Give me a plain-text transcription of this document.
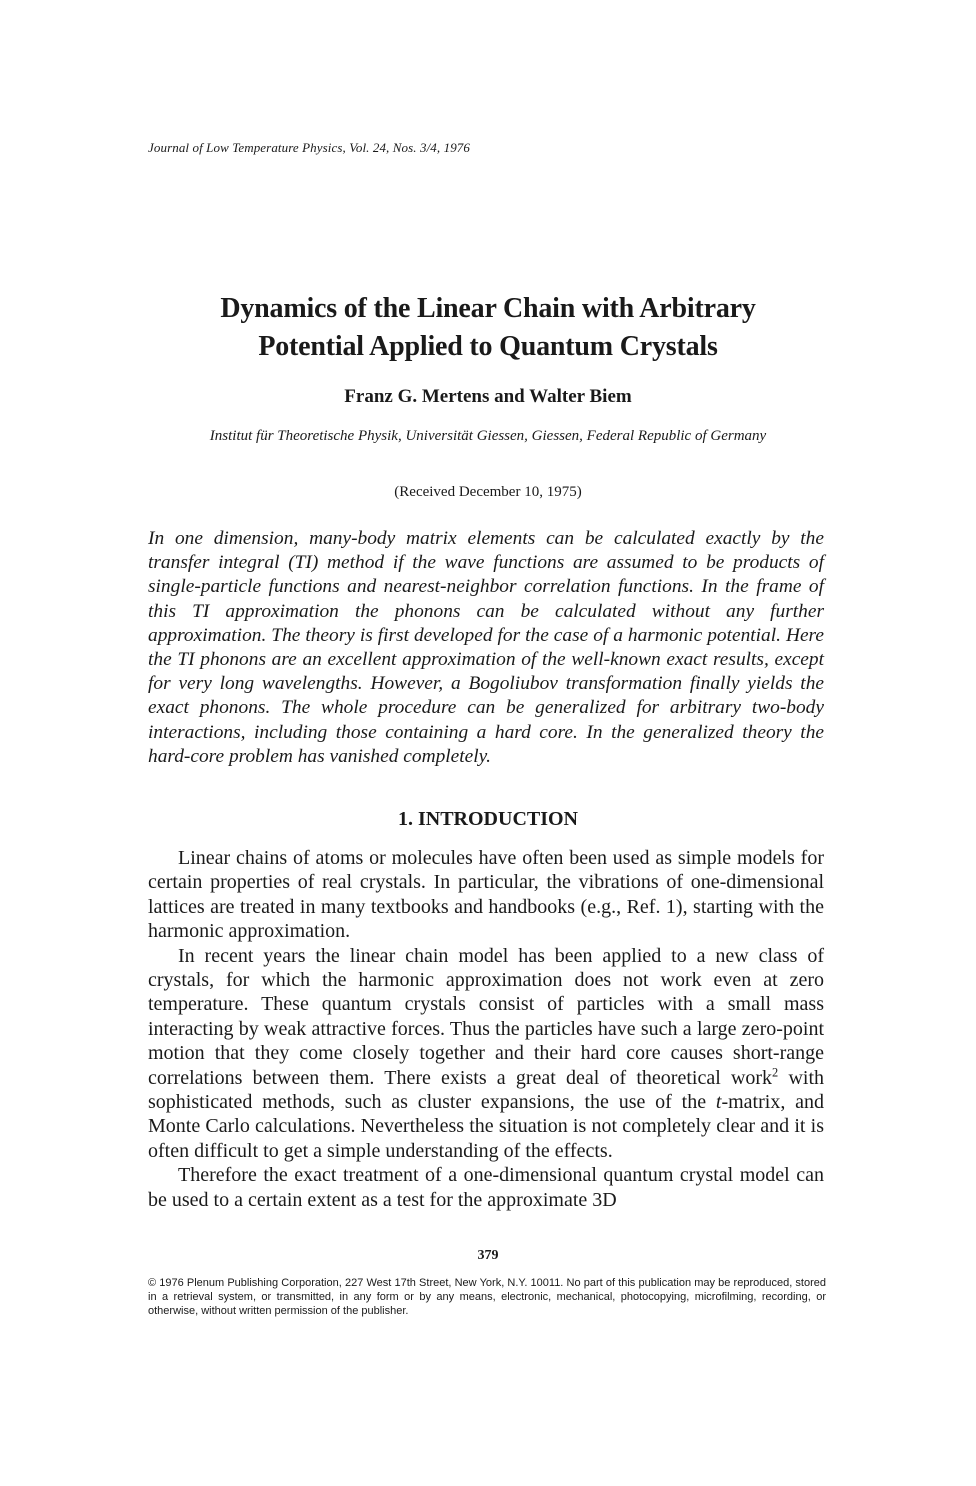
Journal of Low Temperature Physics, Vol. 24, Nos. 3/4, 1976
Dynamics of the Linear Chain with Arbitrary
Potential Applied to Quantum Crystals
Franz G. Mertens and Walter Biem
Institut für Theoretische Physik, Universität Giessen, Giessen, Federal Republic of Germany
(Received December 10, 1975)

In one dimension, many-body matrix elements can be calculated exactly by the transfer integral (TI) method if the wave functions are assumed to be products of single-particle functions and nearest-neighbor correlation functions. In the frame of this TI approximation the phonons can be calculated without any further approximation. The theory is first developed for the case of a harmonic potential. Here the TI phonons are an excellent approximation of the well-known exact results, except for very long wavelengths. However, a Bogoliubov transformation finally yields the exact phonons. The whole procedure can be generalized for arbitrary two-body interactions, including those containing a hard core. In the generalized theory the hard-core problem has vanished completely.

1. INTRODUCTION

Linear chains of atoms or molecules have often been used as simple models for certain properties of real crystals. In particular, the vibrations of one-dimensional lattices are treated in many textbooks and handbooks (e.g., Ref. 1), starting with the harmonic approximation.

In recent years the linear chain model has been applied to a new class of crystals, for which the harmonic approximation does not work even at zero temperature. These quantum crystals consist of particles with a small mass interacting by weak attractive forces. Thus the particles have such a large zero-point motion that they come closely together and their hard core causes short-range correlations between them. There exists a great deal of theoretical work$^2$ with sophisticated methods, such as cluster expansions, the use of the t-matrix, and Monte Carlo calculations. Nevertheless the situation is not completely clear and it is often difficult to get a simple understanding of the effects.

Therefore the exact treatment of a one-dimensional quantum crystal model can be used to a certain extent as a test for the approximate 3D

379

© 1976 Plenum Publishing Corporation, 227 West 17th Street, New York, N.Y. 10011. No part of this publication may be reproduced, stored in a retrieval system, or transmitted, in any form or by any means, electronic, mechanical, photocopying, microfilming, recording, or otherwise, without written permission of the publisher.
